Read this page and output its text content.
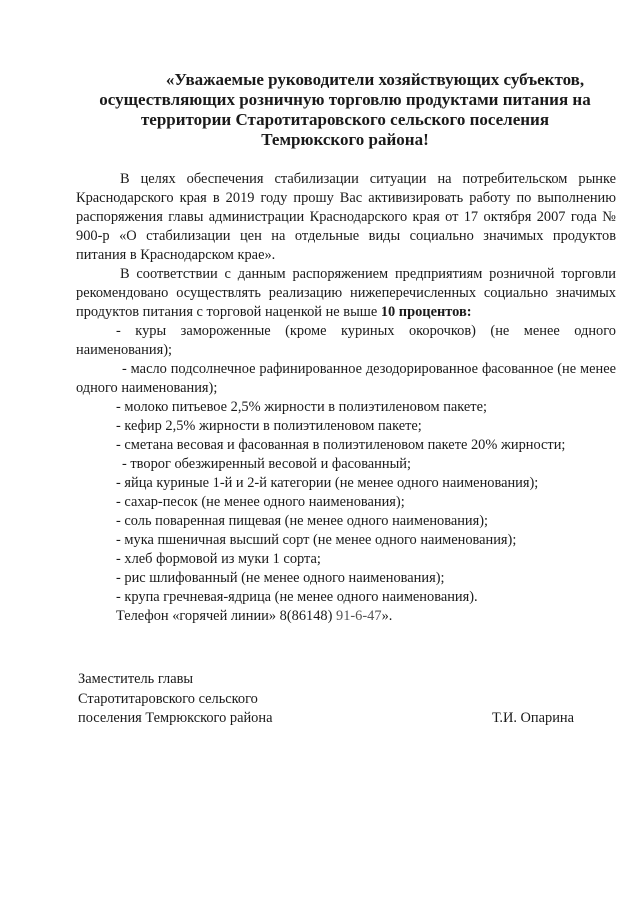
«Уважаемые руководители хозяйствующих субъектов,
осуществляющих розничную торговлю продуктами питания на
территории Старотитаровского сельского поселения
Темрюкского района!

В целях обеспечения стабилизации ситуации на потребительском рынке Краснодарского края в 2019 году прошу Вас активизировать работу по выполнению распоряжения главы администрации Краснодарского края от 17 октября 2007 года № 900-р «О стабилизации цен на отдельные виды социально значимых продуктов питания в Краснодарском крае».

В соответствии с данным распоряжением предприятиям розничной торговли рекомендовано осуществлять реализацию нижеперечисленных социально значимых продуктов питания с торговой наценкой не выше 10 процентов:

- куры замороженные (кроме куриных окорочков) (не менее одного наименования);
- масло подсолнечное рафинированное дезодорированное фасованное (не менее одного наименования);
- молоко питьевое 2,5% жирности в полиэтиленовом пакете;
- кефир 2,5% жирности в полиэтиленовом пакете;
- сметана весовая и фасованная в полиэтиленовом пакете 20% жирности;
- творог обезжиренный весовой и фасованный;
- яйца куриные 1-й и 2-й категории (не менее одного наименования);
- сахар-песок (не менее одного наименования);
- соль поваренная пищевая (не менее одного наименования);
- мука пшеничная высший сорт (не менее одного наименования);
- хлеб формовой из муки 1 сорта;
- рис шлифованный (не менее одного наименования);
- крупа гречневая-ядрица (не менее одного наименования).

Телефон «горячей линии» 8(86148) 91-6-47».

Заместитель главы
Старотитаровского сельского
поселения Темрюкского района	Т.И. Опарина
